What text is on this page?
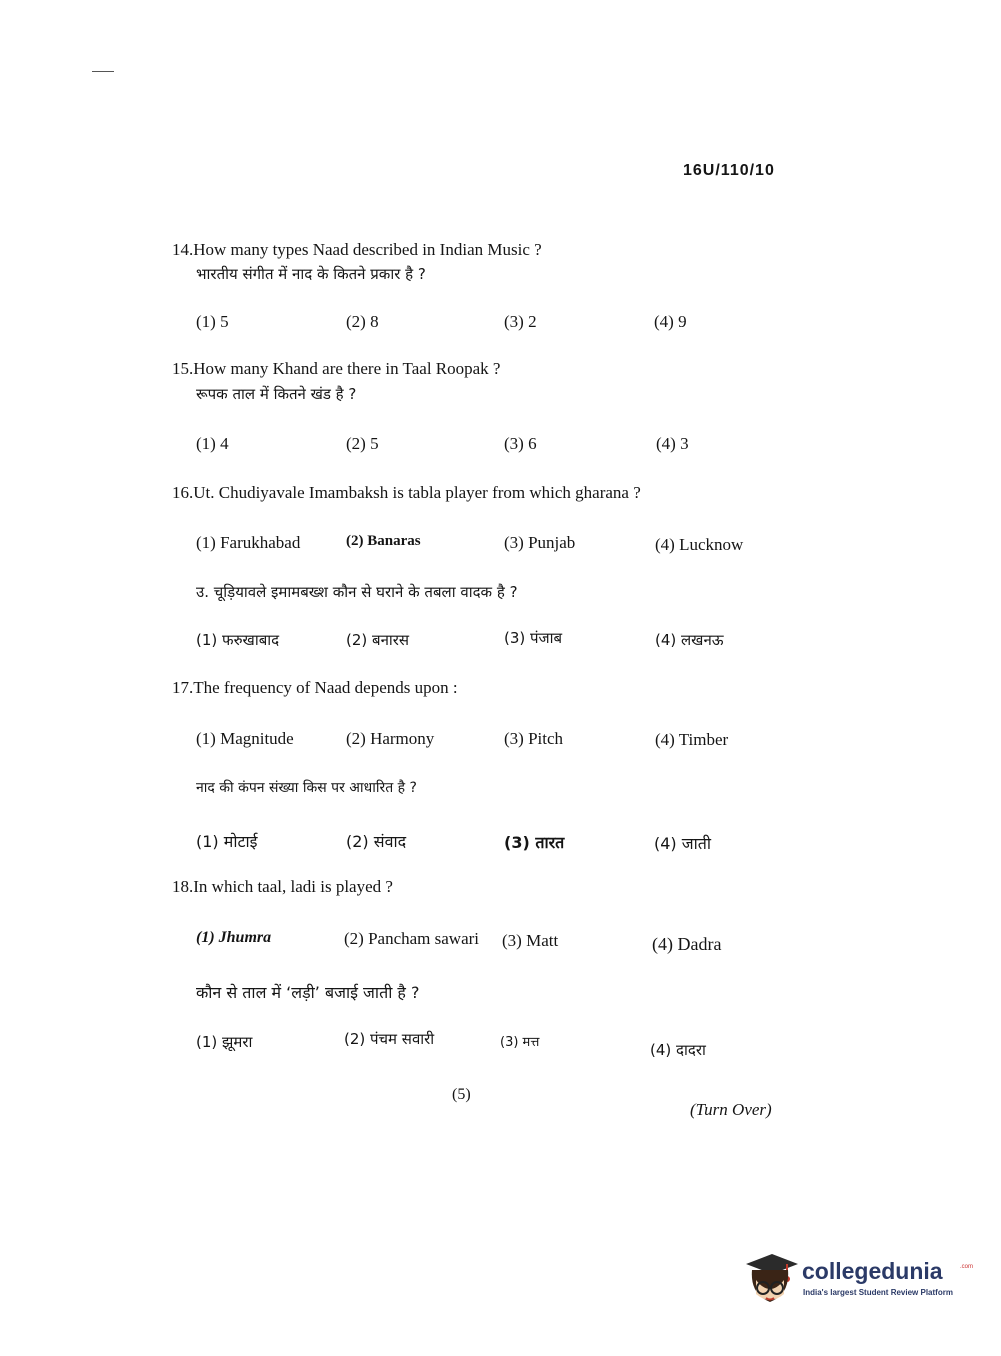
16U/110/10
14.How many types Naad described in Indian Music ?
भारतीय संगीत में नाद के कितने प्रकार है ?
(1) 5	(2) 8	(3) 2	(4) 9
15.How many Khand are there in Taal Roopak ?
रूपक ताल में कितने खंड है ?
(1) 4	(2) 5	(3) 6	(4) 3
16.Ut. Chudiyavale Imambaksh is tabla player from which gharana ?
(1) Farukhabad	(2) Banaras	(3) Punjab	(4) Lucknow
उ. चूड़ियावले इमामबख्श कौन से घराने के तबला वादक है ?
(1) फरुखाबाद	(2) बनारस	(3) पंजाब	(4) लखनऊ
17.The frequency of Naad depends upon :
(1) Magnitude	(2) Harmony	(3) Pitch	(4) Timber
नाद की कंपन संख्या किस पर आधारित है ?
(1) मोटाई	(2) संवाद	(3) तारत	(4) जाती
18.In which taal, ladi is played ?
(1) Jhumra	(2) Pancham sawari (3) Matt	(4) Dadra
कौन से ताल में ‘लड़ी’ बजाई जाती है ?
(1) झूमरा	(2) पंचम सवारी	(3) मत्त	(4) दादरा
(5)
(Turn Over)
collegedunia	.com
India's largest Student Review Platform
